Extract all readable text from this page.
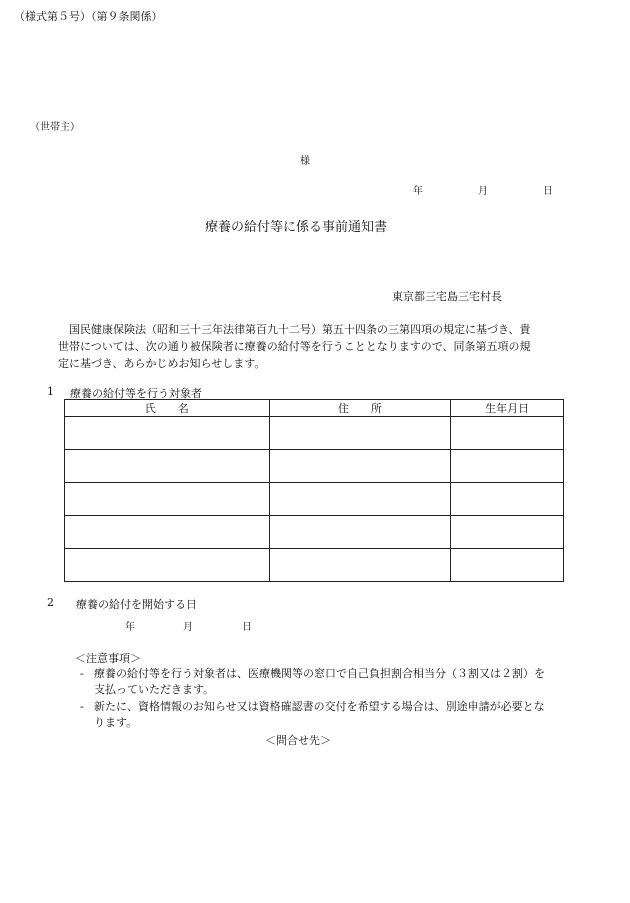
（様式第５号）（第９条関係）
（世帯主）
様
年	月	日
療養の給付等に係る事前通知書
東京都三宅島三宅村長
国民健康保険法（昭和三十三年法律第百九十二号）第五十四条の三第四項の規定に基づき、貴世帯については、次の通り被保険者に療養の給付等を行うこととなりますので、同条第五項の規定に基づき、あらかじめお知らせします。
1 療養の給付等を行う対象者
氏　　名	住　　所	生年月日

2 療養の給付を開始する日
年	月	日
＜注意事項＞
- 療養の給付等を行う対象者は、医療機関等の窓口で自己負担割合相当分（３割又は２割）を支払っていただきます。
- 新たに、資格情報のお知らせ又は資格確認書の交付を希望する場合は、別途申請が必要となります。
＜問合せ先＞
